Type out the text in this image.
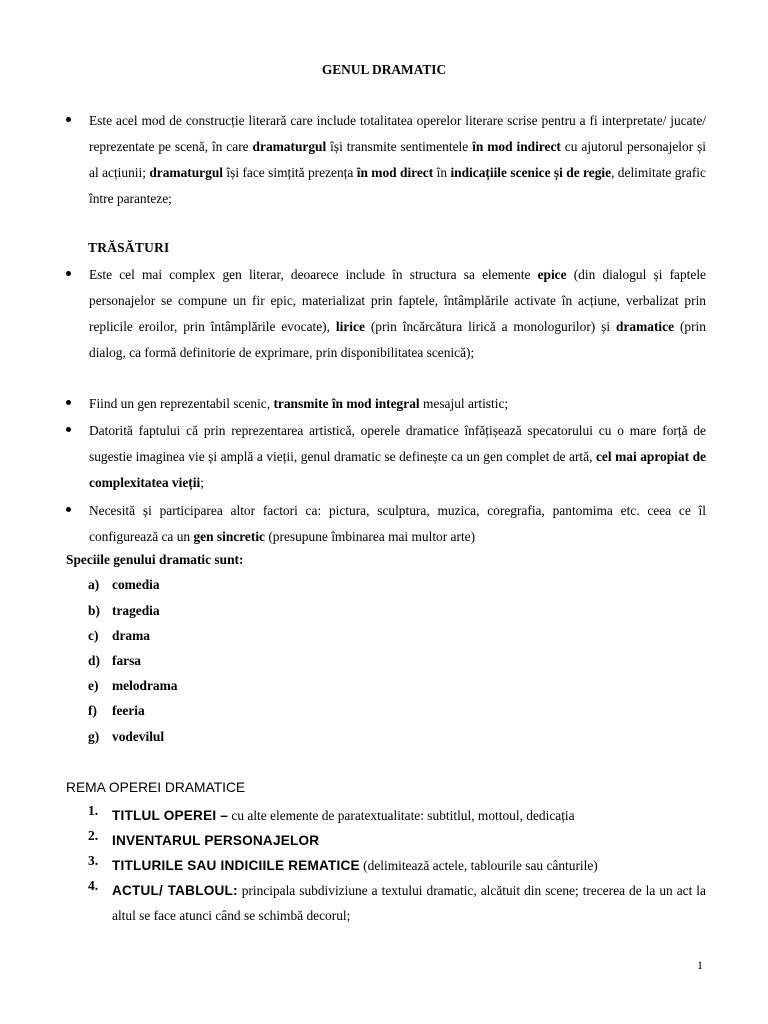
GENUL DRAMATIC
Este acel mod de construcție literară care include totalitatea operelor literare scrise pentru a fi interpretate/ jucate/ reprezentate pe scenă, în care dramaturgul își transmite sentimentele în mod indirect cu ajutorul personajelor și al acțiunii; dramaturgul își face simțită prezența în mod direct în indicațiile scenice și de regie, delimitate grafic între paranteze;
TRĂSĂTURI
Este cel mai complex gen literar, deoarece include în structura sa elemente epice (din dialogul și faptele personajelor se compune un fir epic, materializat prin faptele, întâmplările activate în acțiune, verbalizat prin replicile eroilor, prin întâmplările evocate), lirice (prin încărcătura lirică a monologurilor) și dramatice (prin dialog, ca formă definitorie de exprimare, prin disponibilitatea scenică);
Fiind un gen reprezentabil scenic, transmite în mod integral mesajul artistic;
Datorită faptului că prin reprezentarea artistică, operele dramatice înfățișează specatorului cu o mare forță de sugestie imaginea vie și amplă a vieții, genul dramatic se definește ca un gen complet de artă, cel mai apropiat de complexitatea vieții;
Necesită și participarea altor factori ca: pictura, sculptura, muzica, coregrafia, pantomima etc. ceea ce îl configurează ca un gen sincretic (presupune îmbinarea mai multor arte)
Speciile genului dramatic sunt:
a) comedia
b) tragedia
c) drama
d) farsa
e) melodrama
f) feeria
g) vodevilul
REMA OPEREI DRAMATICE
1. TITLUL OPEREI – cu alte elemente de paratextualitate: subtitlul, mottoul, dedicația
2. INVENTARUL PERSONAJELOR
3. TITLURILE SAU INDICIILE REMATICE (delimitează actele, tablourile sau cânturile)
4. ACTUL/ TABLOUL: principala subdiviziune a textului dramatic, alcătuit din scene; trecerea de la un act la altul se face atunci când se schimbă decorul;
1
